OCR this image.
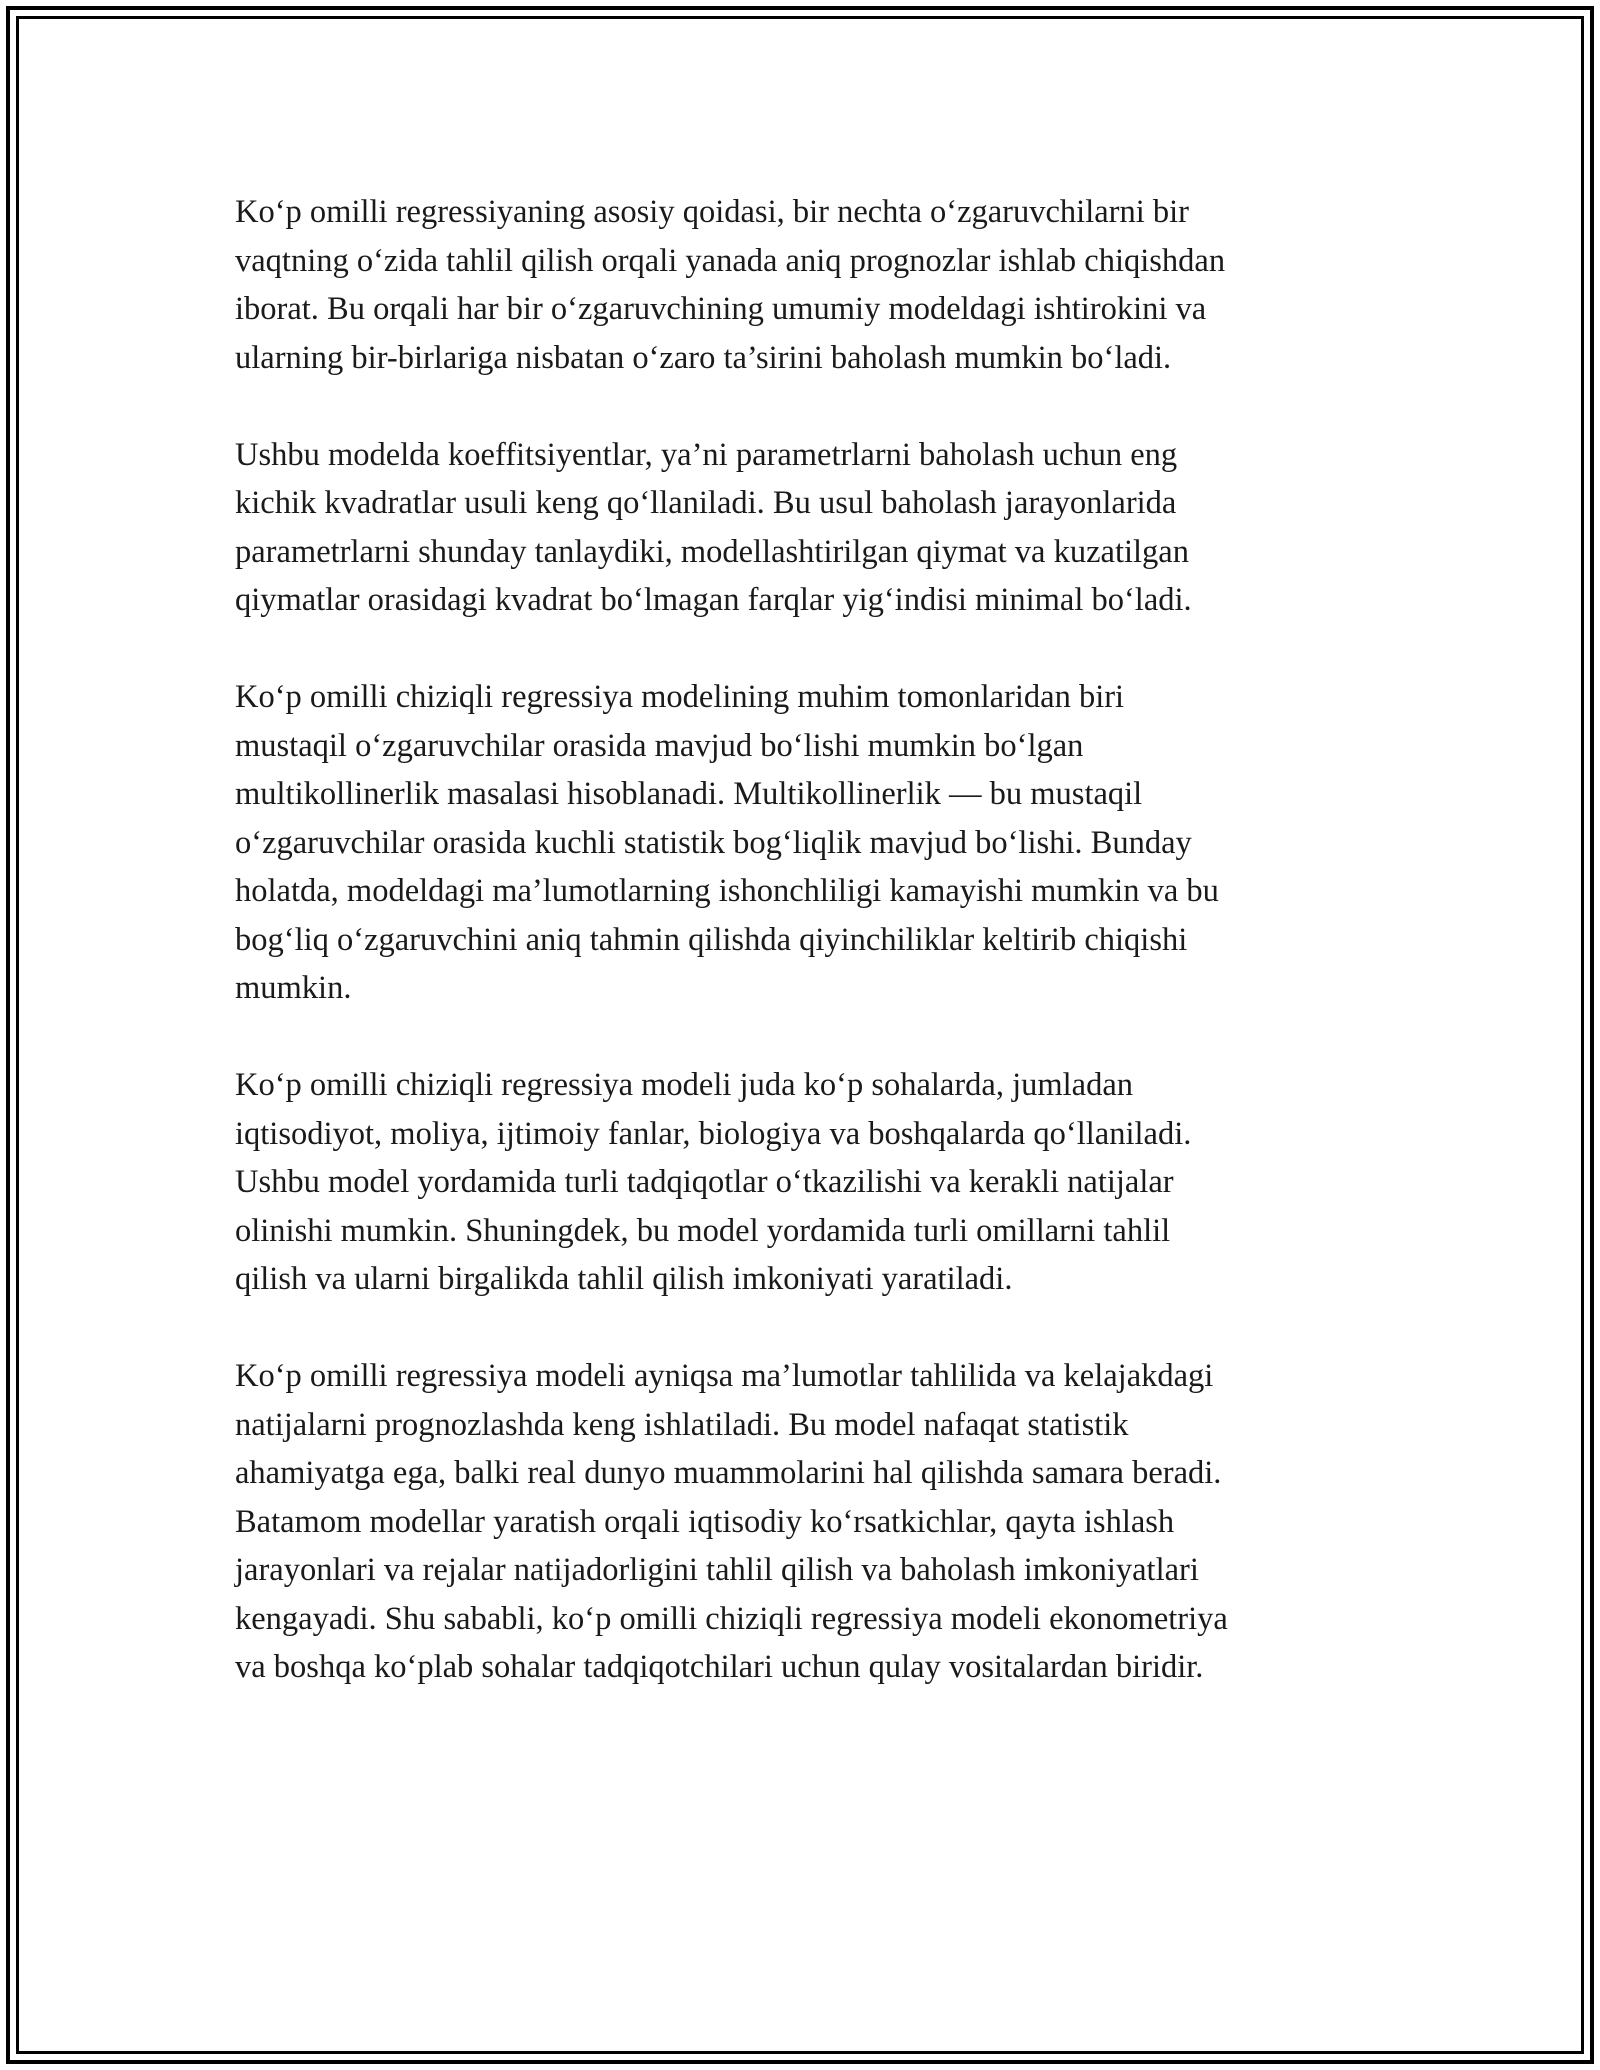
Koʻp omilli regressiyaning asosiy qoidasi, bir nechta oʻzgaruvchilarni bir
vaqtning oʻzida tahlil qilish orqali yanada aniq prognozlar ishlab chiqishdan
iborat. Bu orqali har bir oʻzgaruvchining umumiy modeldagi ishtirokini va
ularning bir-birlariga nisbatan oʻzaro ta’sirini baholash mumkin boʻladi.

Ushbu modelda koeffitsiyentlar, ya’ni parametrlarni baholash uchun eng
kichik kvadratlar usuli keng qoʻllaniladi. Bu usul baholash jarayonlarida
parametrlarni shunday tanlaydiki, modellashtirilgan qiymat va kuzatilgan
qiymatlar orasidagi kvadrat boʻlmagan farqlar yigʻindisi minimal boʻladi.

Koʻp omilli chiziqli regressiya modelining muhim tomonlaridan biri
mustaqil oʻzgaruvchilar orasida mavjud boʻlishi mumkin boʻlgan
multikollinerlik masalasi hisoblanadi. Multikollinerlik — bu mustaqil
oʻzgaruvchilar orasida kuchli statistik bogʻliqlik mavjud boʻlishi. Bunday
holatda, modeldagi ma’lumotlarning ishonchliligi kamayishi mumkin va bu
bogʻliq oʻzgaruvchini aniq tahmin qilishda qiyinchiliklar keltirib chiqishi
mumkin.

Koʻp omilli chiziqli regressiya modeli juda koʻp sohalarda, jumladan
iqtisodiyot, moliya, ijtimoiy fanlar, biologiya va boshqalarda qoʻllaniladi.
Ushbu model yordamida turli tadqiqotlar oʻtkazilishi va kerakli natijalar
olinishi mumkin. Shuningdek, bu model yordamida turli omillarni tahlil
qilish va ularni birgalikda tahlil qilish imkoniyati yaratiladi.

Koʻp omilli regressiya modeli ayniqsa ma’lumotlar tahlilida va kelajakdagi
natijalarni prognozlashda keng ishlatiladi. Bu model nafaqat statistik
ahamiyatga ega, balki real dunyo muammolarini hal qilishda samara beradi.
Batamom modellar yaratish orqali iqtisodiy koʻrsatkichlar, qayta ishlash
jarayonlari va rejalar natijadorligini tahlil qilish va baholash imkoniyatlari
kengayadi. Shu sababli, koʻp omilli chiziqli regressiya modeli ekonometriya
va boshqa koʻplab sohalar tadqiqotchilari uchun qulay vositalardan biridir.
